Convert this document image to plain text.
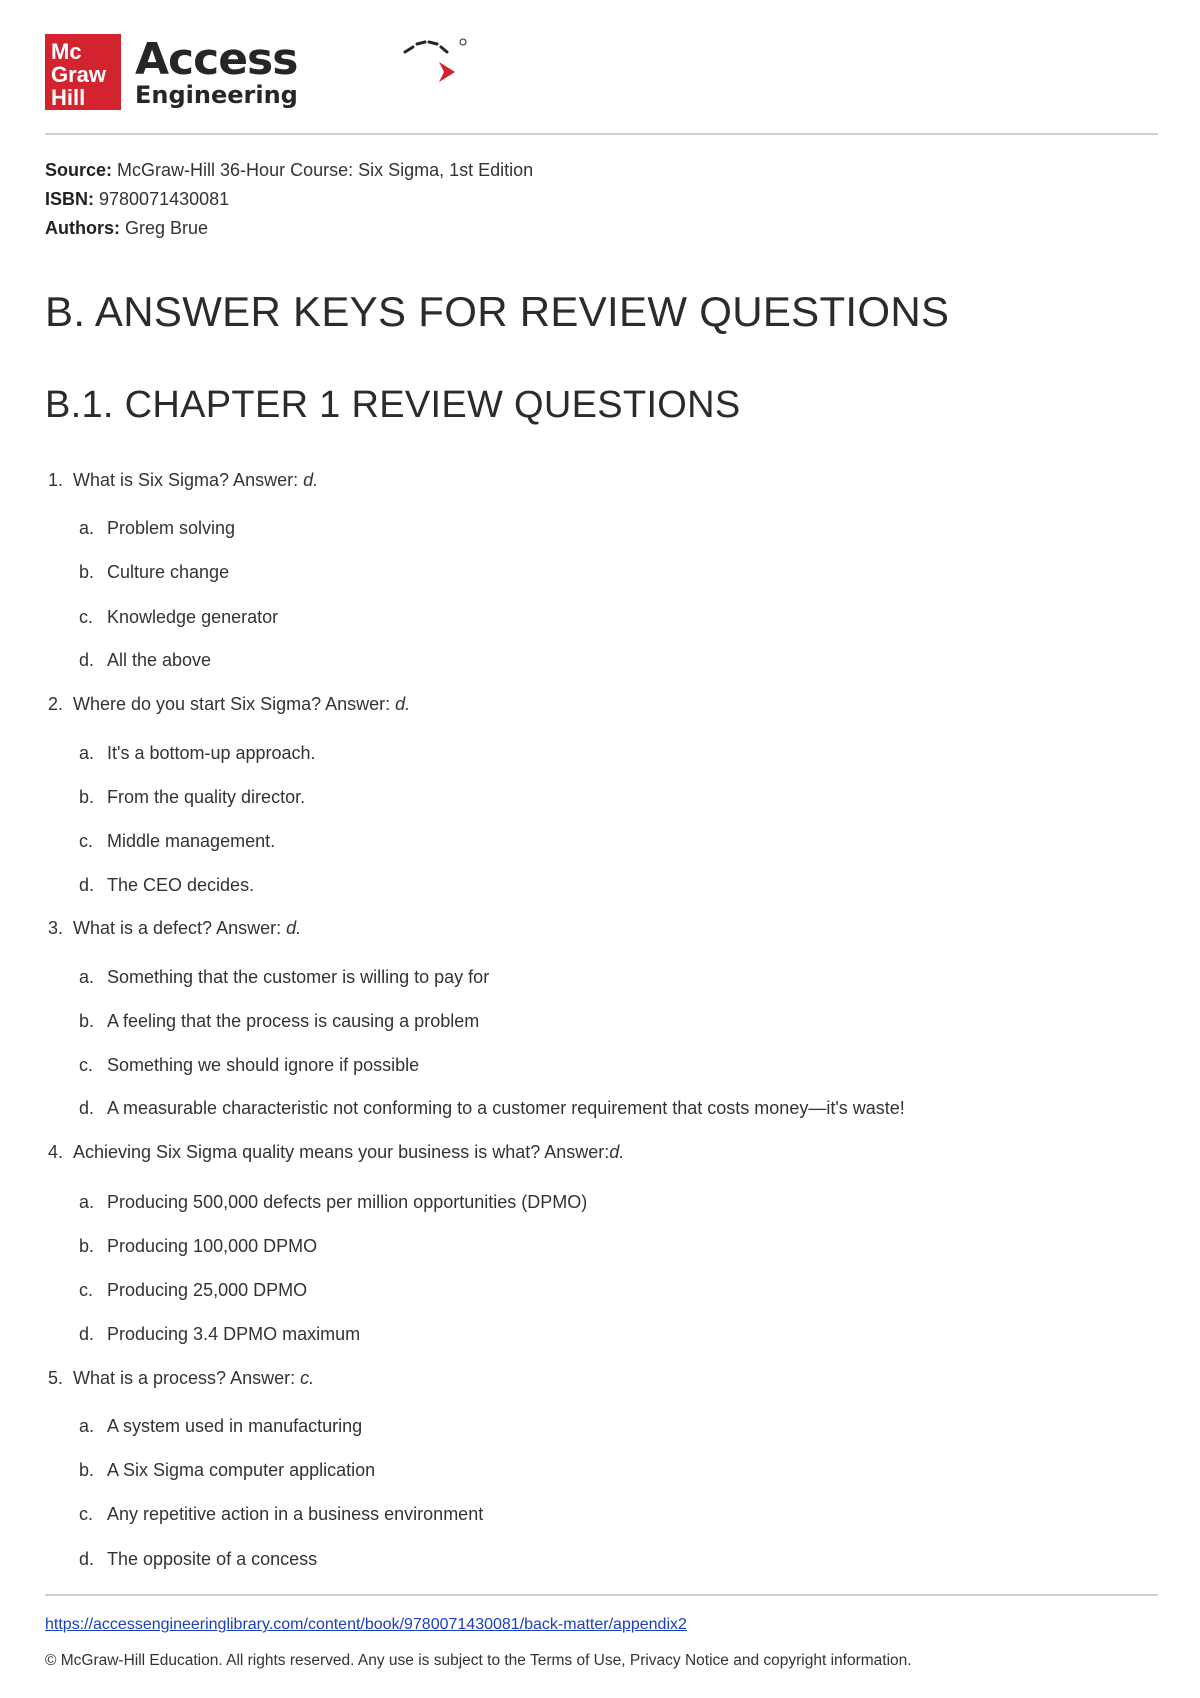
Mc
Graw
Hill
Access
Engineering
Source: McGraw-Hill 36-Hour Course: Six Sigma, 1st Edition
ISBN: 9780071430081
Authors: Greg Brue
B. ANSWER KEYS FOR REVIEW QUESTIONS
B.1. CHAPTER 1 REVIEW QUESTIONS
1. What is Six Sigma? Answer: d.
a. Problem solving
b. Culture change
c. Knowledge generator
d. All the above
2. Where do you start Six Sigma? Answer: d.
a. It's a bottom-up approach.
b. From the quality director.
c. Middle management.
d. The CEO decides.
3. What is a defect? Answer: d.
a. Something that the customer is willing to pay for
b. A feeling that the process is causing a problem
c. Something we should ignore if possible
d. A measurable characteristic not conforming to a customer requirement that costs money—it's waste!
4. Achieving Six Sigma quality means your business is what? Answer:d.
a. Producing 500,000 defects per million opportunities (DPMO)
b. Producing 100,000 DPMO
c. Producing 25,000 DPMO
d. Producing 3.4 DPMO maximum
5. What is a process? Answer: c.
a. A system used in manufacturing
b. A Six Sigma computer application
c. Any repetitive action in a business environment
d. The opposite of a concess
https://accessengineeringlibrary.com/content/book/9780071430081/back-matter/appendix2
© McGraw-Hill Education. All rights reserved. Any use is subject to the Terms of Use, Privacy Notice and copyright information.
